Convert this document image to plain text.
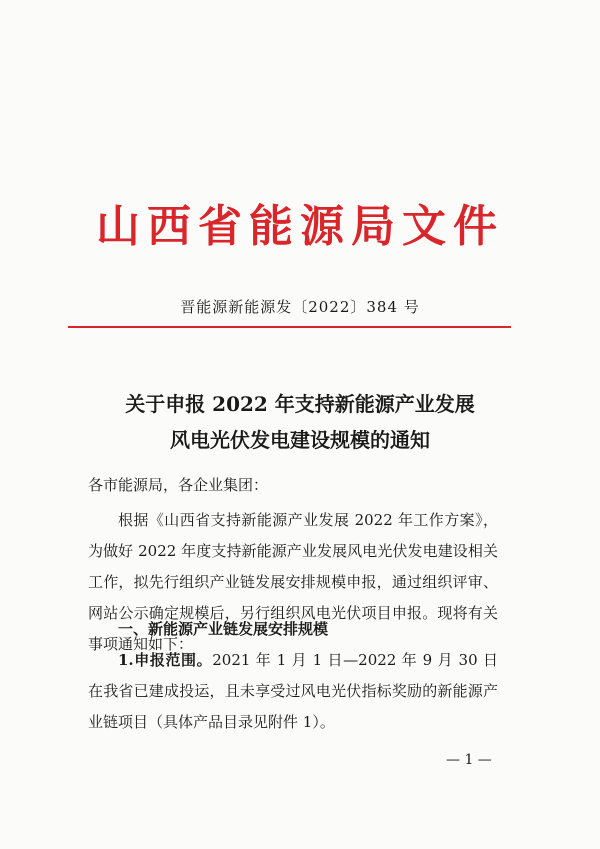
山西省能源局文件
晋能源新能源发〔2022〕384 号
关于申报 2022 年支持新能源产业发展
风电光伏发电建设规模的通知
各市能源局，各企业集团：
根据《山西省支持新能源产业发展 2022 年工作方案》，为做好 2022 年度支持新能源产业发展风电光伏发电建设相关工作，拟先行组织产业链发展安排规模申报，通过组织评审、网站公示确定规模后，另行组织风电光伏项目申报。现将有关事项通知如下：
一、新能源产业链发展安排规模
1.申报范围。2021 年 1 月 1 日—2022 年 9 月 30 日在我省已建成投运，且未享受过风电光伏指标奖励的新能源产业链项目（具体产品目录见附件 1）。
— 1 —
